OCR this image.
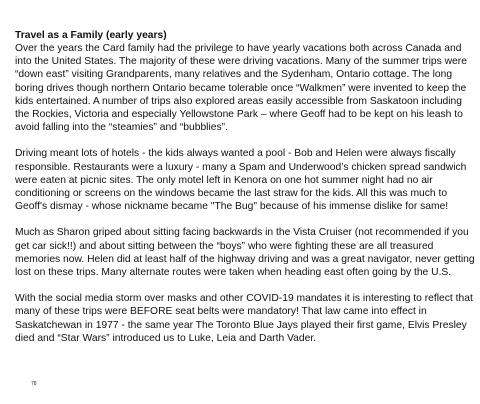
Travel as a Family (early years)
Over the years the Card family had the privilege to have yearly vacations both across Canada and
into the United States. The majority of these were driving vacations. Many of the summer trips were
“down east” visiting Grandparents, many relatives and the Sydenham, Ontario cottage. The long
boring drives though northern Ontario became tolerable once “Walkmen” were invented to keep the
kids entertained. A number of trips also explored areas easily accessible from Saskatoon including
the Rockies, Victoria and especially Yellowstone Park – where Geoff had to be kept on his leash to
avoid falling into the “steamies” and “bubblies”.
Driving meant lots of hotels - the kids always wanted a pool - Bob and Helen were always fiscally
responsible. Restaurants were a luxury - many a Spam and Underwood’s chicken spread sandwich
were eaten at picnic sites. The only motel left in Kenora on one hot summer night had no air
conditioning or screens on the windows became the last straw for the kids. All this was much to
Geoff's dismay - whose nickname became "The Bug" because of his immense dislike for same!
Much as Sharon griped about sitting facing backwards in the Vista Cruiser (not recommended if you
get car sick!!) and about sitting between the “boys” who were fighting these are all treasured
memories now. Helen did at least half of the highway driving and was a great navigator, never getting
lost on these trips. Many alternate routes were taken when heading east often going by the U.S.
With the social media storm over masks and other COVID-19 mandates it is interesting to reflect that
many of these trips were BEFORE seat belts were mandatory! That law came into effect in
Saskatchewan in 1977 - the same year The Toronto Blue Jays played their first game, Elvis Presley
died and “Star Wars” introduced us to Luke, Leia and Darth Vader.
78
